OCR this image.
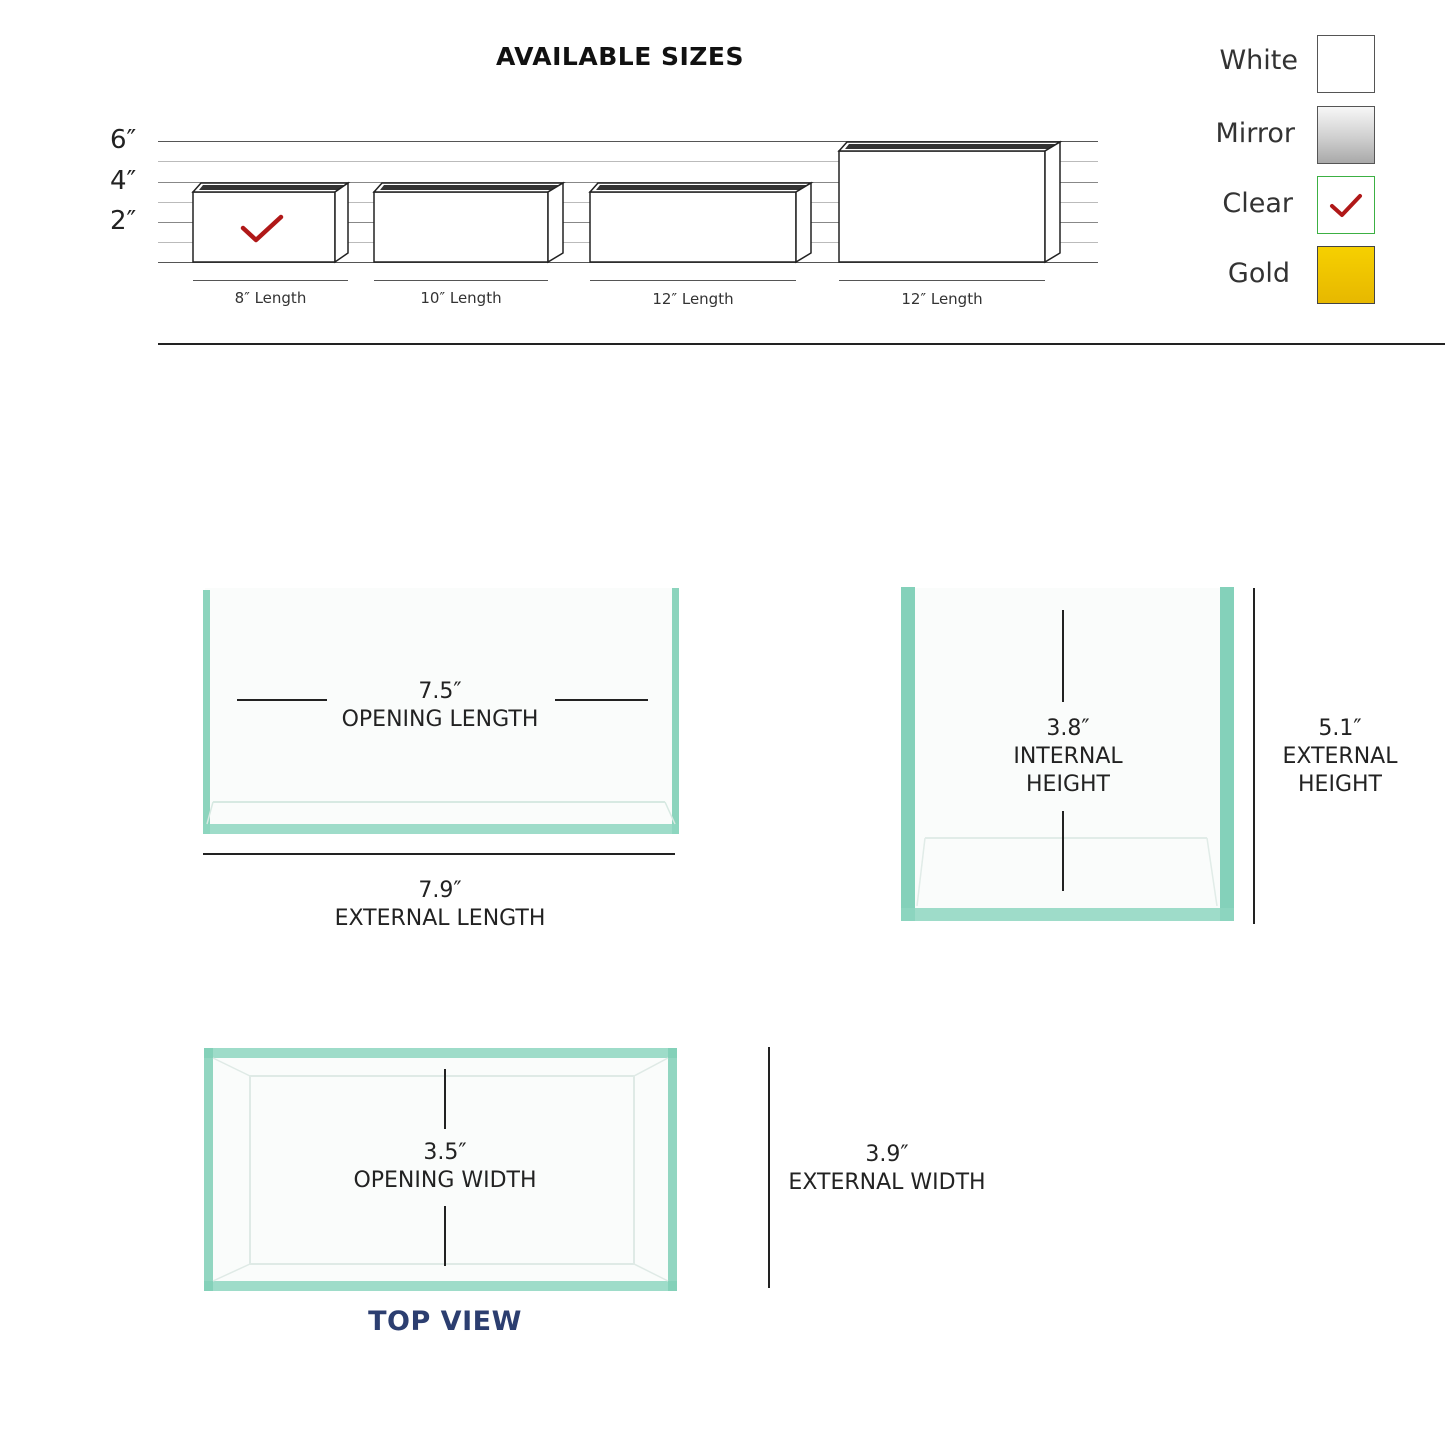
AVAILABLE SIZES
6″
4″
2″
8″ Length	10″ Length	12″ Length	12″ Length
White
Mirror
Clear
Gold
7.5″
OPENING LENGTH
7.9″
EXTERNAL LENGTH
3.8″
INTERNAL
HEIGHT
5.1″
EXTERNAL
HEIGHT
3.5″
OPENING WIDTH
3.9″
EXTERNAL WIDTH
TOP VIEW
